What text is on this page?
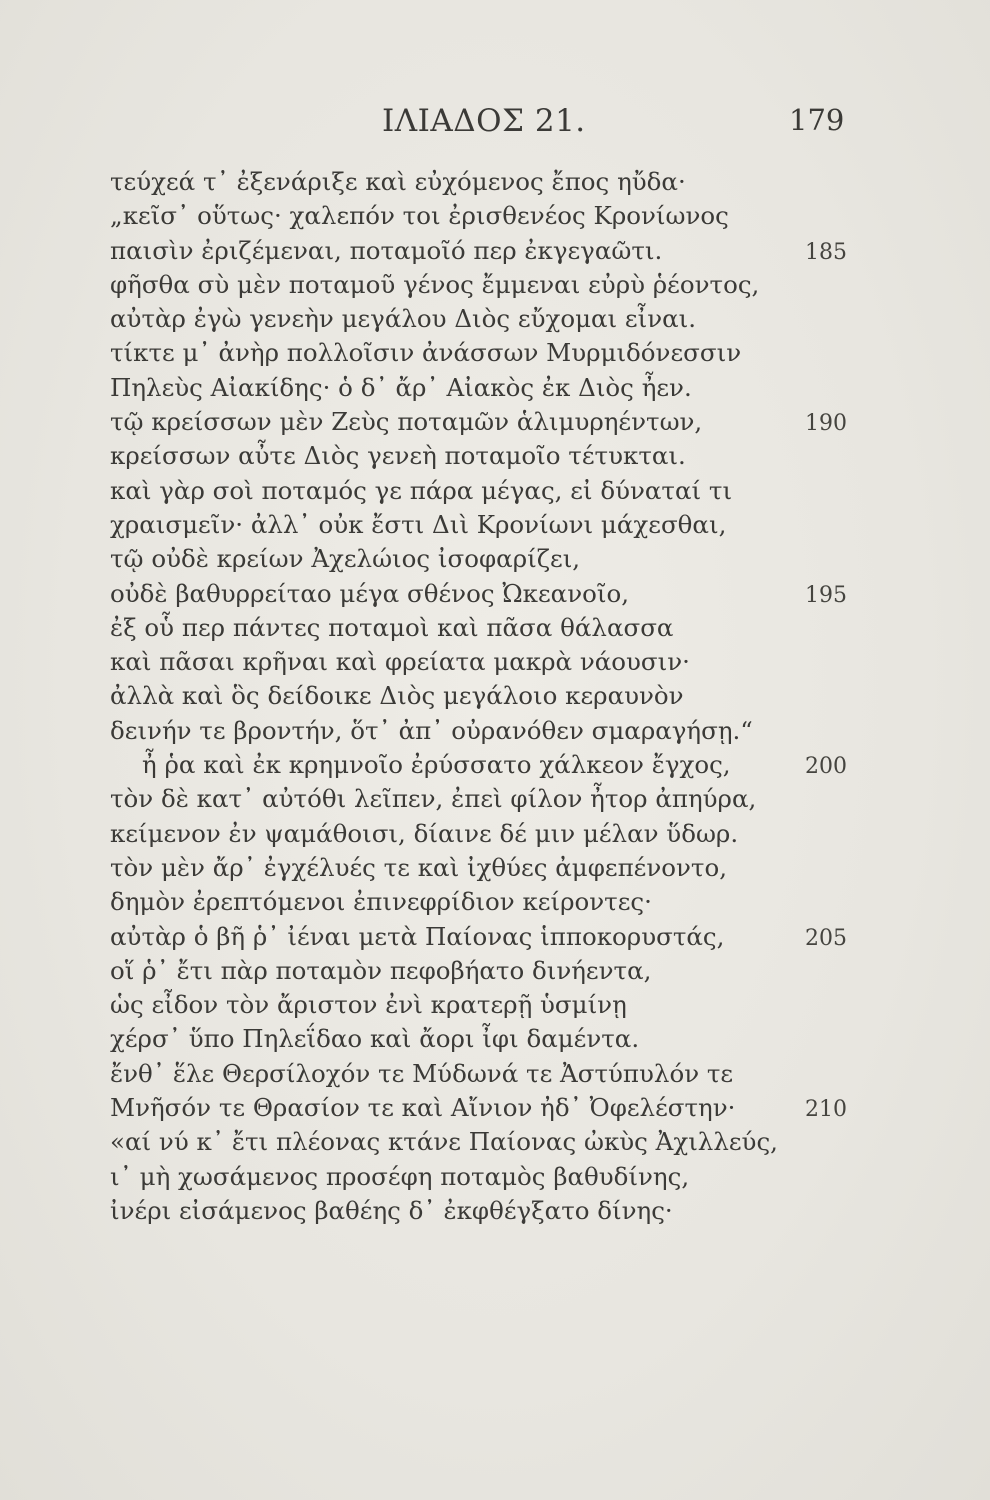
ΙΛΙΑΔΟΣ 21.	179
τεύχεά τ᾽ ἐξενάριξε καὶ εὐχόμενος ἔπος ηὔδα·
„κεῖσ᾽ οὕτως· χαλεπόν τοι ἐρισθενέος Κρονίωνος
παισὶν ἐριζέμεναι, ποταμοῖό περ ἐκγεγαῶτι.	185
φῆσθα σὺ μὲν ποταμοῦ γένος ἔμμεναι εὐρὺ ῥέοντος,
αὐτὰρ ἐγὼ γενεὴν μεγάλου Διὸς εὔχομαι εἶναι.
τίκτε μ᾽ ἀνὴρ πολλοῖσιν ἀνάσσων Μυρμιδόνεσσιν
Πηλεὺς Αἰακίδης· ὁ δ᾽ ἄρ᾽ Αἰακὸς ἐκ Διὸς ἦεν.
τῷ κρείσσων μὲν Ζεὺς ποταμῶν ἁλιμυρηέντων,	190
κρείσσων αὖτε Διὸς γενεὴ ποταμοῖο τέτυκται.
καὶ γὰρ σοὶ ποταμός γε πάρα μέγας, εἰ δύναταί τι
χραισμεῖν· ἀλλ᾽ οὐκ ἔστι Διὶ Κρονίωνι μάχεσθαι,
τῷ οὐδὲ κρείων Ἀχελώιος ἰσοφαρίζει,
οὐδὲ βαθυρρείταο μέγα σθένος Ὠκεανοῖο,	195
ἐξ οὗ περ πάντες ποταμοὶ καὶ πᾶσα θάλασσα
καὶ πᾶσαι κρῆναι καὶ φρείατα μακρὰ νάουσιν·
ἀλλὰ καὶ ὃς δείδοικε Διὸς μεγάλοιο κεραυνὸν
δεινήν τε βροντήν, ὅτ᾽ ἀπ᾽ οὐρανόθεν σμαραγήσῃ.“
ἦ ῥα καὶ ἐκ κρημνοῖο ἐρύσσατο χάλκεον ἔγχος,	200
τὸν δὲ κατ᾽ αὐτόθι λεῖπεν, ἐπεὶ φίλον ἦτορ ἀπηύρα,
κείμενον ἐν ψαμάθοισι, δίαινε δέ μιν μέλαν ὕδωρ.
τὸν μὲν ἄρ᾽ ἐγχέλυές τε καὶ ἰχθύες ἀμφεπένοντο,
δημὸν ἐρεπτόμενοι ἐπινεφρίδιον κείροντες·
αὐτὰρ ὁ βῆ ῥ᾽ ἰέναι μετὰ Παίονας ἱπποκορυστάς,	205
οἵ ῥ᾽ ἔτι πὰρ ποταμὸν πεφοβήατο δινήεντα,
ὡς εἶδον τὸν ἄριστον ἐνὶ κρατερῇ ὑσμίνῃ
χέρσ᾽ ὕπο Πηλεΐδαο καὶ ἄορι ἶφι δαμέντα.
ἔνθ᾽ ἕλε Θερσίλοχόν τε Μύδωνά τε Ἀστύπυλόν τε
Μνῆσόν τε Θρασίον τε καὶ Αἴνιον ἠδ᾽ Ὀφελέστην·	210
«αί νύ κ᾽ ἔτι πλέονας κτάνε Παίονας ὠκὺς Ἀχιλλεύς,
ι᾽ μὴ χωσάμενος προσέφη ποταμὸς βαθυδίνης,
ἰνέρι εἰσάμενος βαθέης δ᾽ ἐκφθέγξατο δίνης·
